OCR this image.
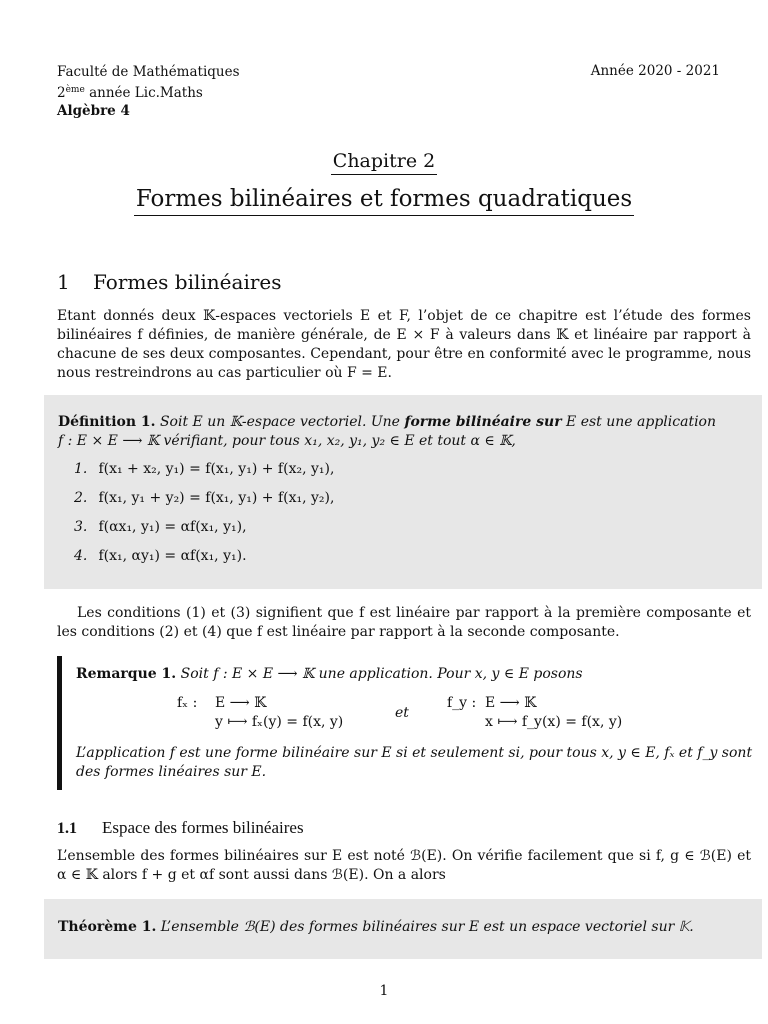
Faculté de Mathématiques
2ème année Lic.Maths
Algèbre 4
Année 2020 - 2021
Chapitre 2
Formes bilinéaires et formes quadratiques
1 Formes bilinéaires
Etant donnés deux 𝕂-espaces vectoriels E et F, l’objet de ce chapitre est l’étude des formes bilinéaires f définies, de manière générale, de E × F à valeurs dans 𝕂 et linéaire par rapport à chacune de ses deux composantes. Cependant, pour être en conformité avec le programme, nous nous restreindrons au cas particulier où F = E.
Définition 1. Soit E un 𝕂-espace vectoriel. Une forme bilinéaire sur E est une application
f : E × E ⟶ 𝕂 vérifiant, pour tous x₁, x₂, y₁, y₂ ∈ E et tout α ∈ 𝕂,
1. f(x₁ + x₂, y₁) = f(x₁, y₁) + f(x₂, y₁),
2. f(x₁, y₁ + y₂) = f(x₁, y₁) + f(x₁, y₂),
3. f(αx₁, y₁) = αf(x₁, y₁),
4. f(x₁, αy₁) = αf(x₁, y₁).
Les conditions (1) et (3) signifient que f est linéaire par rapport à la première composante et les conditions (2) et (4) que f est linéaire par rapport à la seconde composante.
Remarque 1. Soit f : E × E ⟶ 𝕂 une application. Pour x, y ∈ E posons
fₓ : E ⟶ 𝕂
y ⟼ fₓ(y) = f(x, y)
et
f_y : E ⟶ 𝕂
x ⟼ f_y(x) = f(x, y)
L’application f est une forme bilinéaire sur E si et seulement si, pour tous x, y ∈ E, fₓ et f_y sont des formes linéaires sur E.
1.1 Espace des formes bilinéaires
L’ensemble des formes bilinéaires sur E est noté ℬ(E). On vérifie facilement que si f, g ∈ ℬ(E) et α ∈ 𝕂 alors f + g et αf sont aussi dans ℬ(E). On a alors
Théorème 1. L’ensemble ℬ(E) des formes bilinéaires sur E est un espace vectoriel sur 𝕂.
1
